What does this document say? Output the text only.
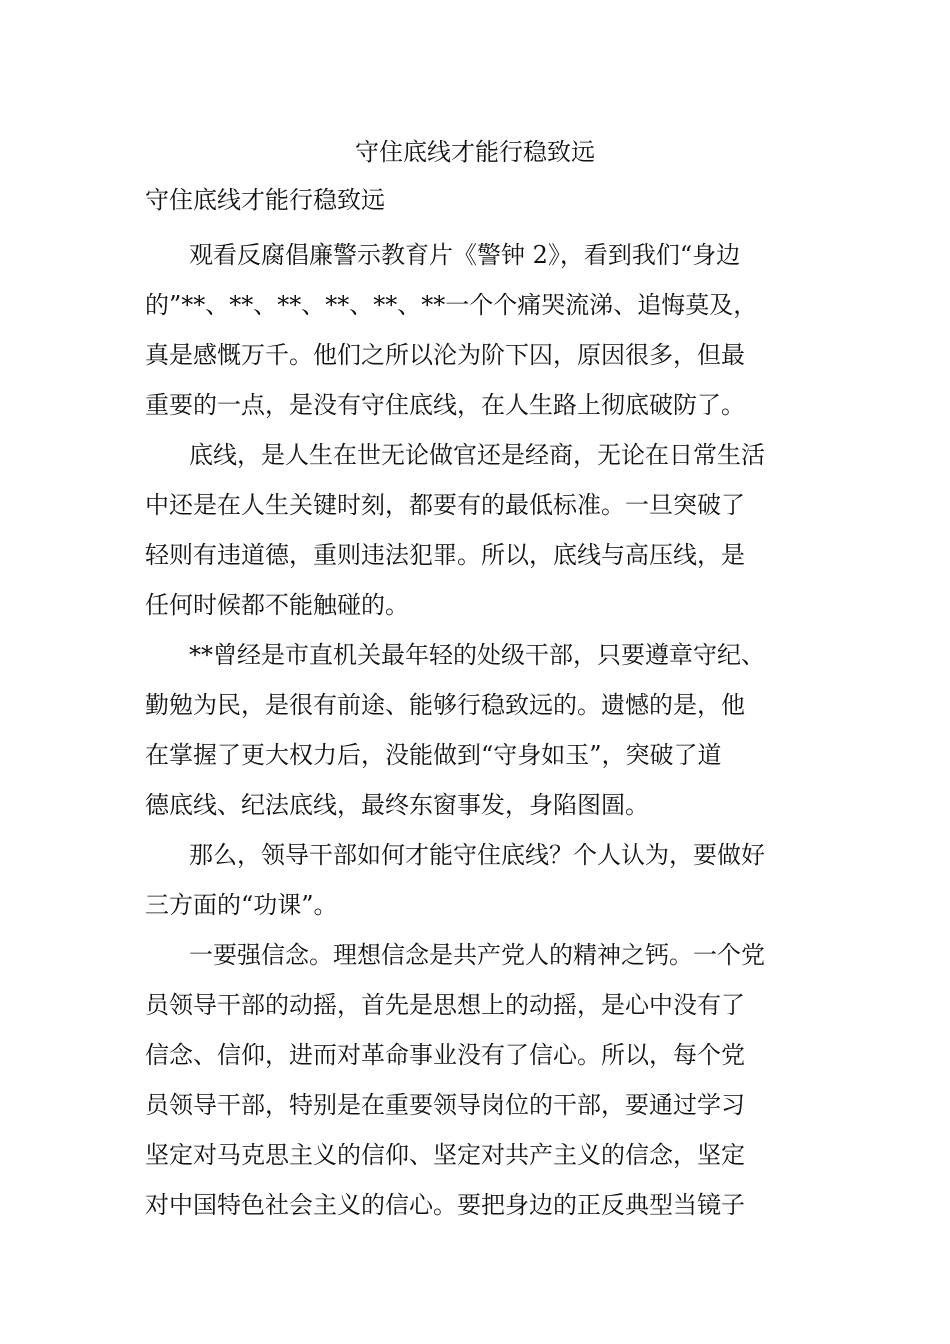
守住底线才能行稳致远

守住底线才能行稳致远

观看反腐倡廉警示教育片《警钟 2》，看到我们“身边
的”**、**、**、**、**、**一个个痛哭流涕、追悔莫及，
真是感慨万千。他们之所以沦为阶下囚，原因很多，但最
重要的一点，是没有守住底线，在人生路上彻底破防了。
底线，是人生在世无论做官还是经商，无论在日常生活
中还是在人生关键时刻，都要有的最低标准。一旦突破了
轻则有违道德，重则违法犯罪。所以，底线与高压线，是
任何时候都不能触碰的。
**曾经是市直机关最年轻的处级干部，只要遵章守纪、
勤勉为民，是很有前途、能够行稳致远的。遗憾的是，他
在掌握了更大权力后，没能做到“守身如玉”，突破了道
德底线、纪法底线，最终东窗事发，身陷图圄。
那么，领导干部如何才能守住底线？个人认为，要做好
三方面的“功课”。
一要强信念。理想信念是共产党人的精神之钙。一个党
员领导干部的动摇，首先是思想上的动摇，是心中没有了
信念、信仰，进而对革命事业没有了信心。所以，每个党
员领导干部，特别是在重要领导岗位的干部，要通过学习
坚定对马克思主义的信仰、坚定对共产主义的信念，坚定
对中国特色社会主义的信心。要把身边的正反典型当镜子
